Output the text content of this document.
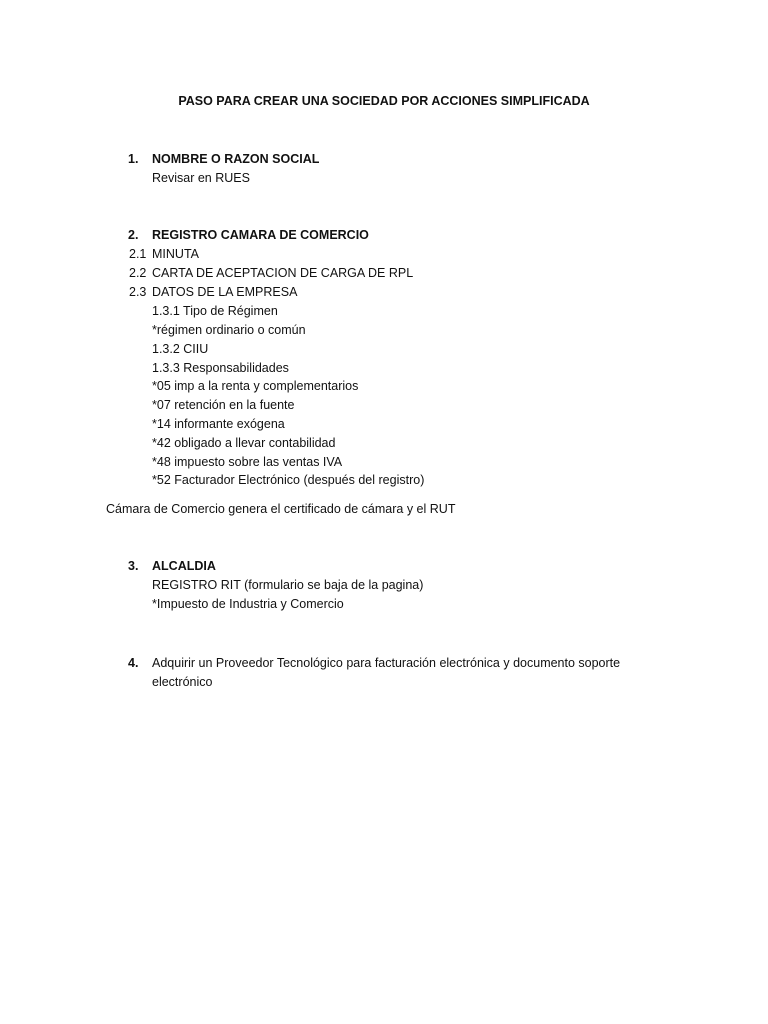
PASO PARA CREAR UNA SOCIEDAD POR ACCIONES SIMPLIFICADA
1. NOMBRE O RAZON SOCIAL
Revisar en RUES
2. REGISTRO CAMARA DE COMERCIO
2.1 MINUTA
2.2 CARTA DE ACEPTACION DE CARGA DE RPL
2.3 DATOS DE LA EMPRESA
1.3.1 Tipo de Régimen
*régimen ordinario o común
1.3.2 CIIU
1.3.3 Responsabilidades
*05 imp a la renta y complementarios
*07 retención en la fuente
*14 informante exógena
*42 obligado a llevar contabilidad
*48 impuesto sobre las ventas IVA
*52 Facturador Electrónico (después del registro)
Cámara de Comercio genera el certificado de cámara y el RUT
3. ALCALDIA
REGISTRO RIT (formulario se baja de la pagina)
*Impuesto de Industria y Comercio
4. Adquirir un Proveedor Tecnológico para facturación electrónica y documento soporte
electrónico
